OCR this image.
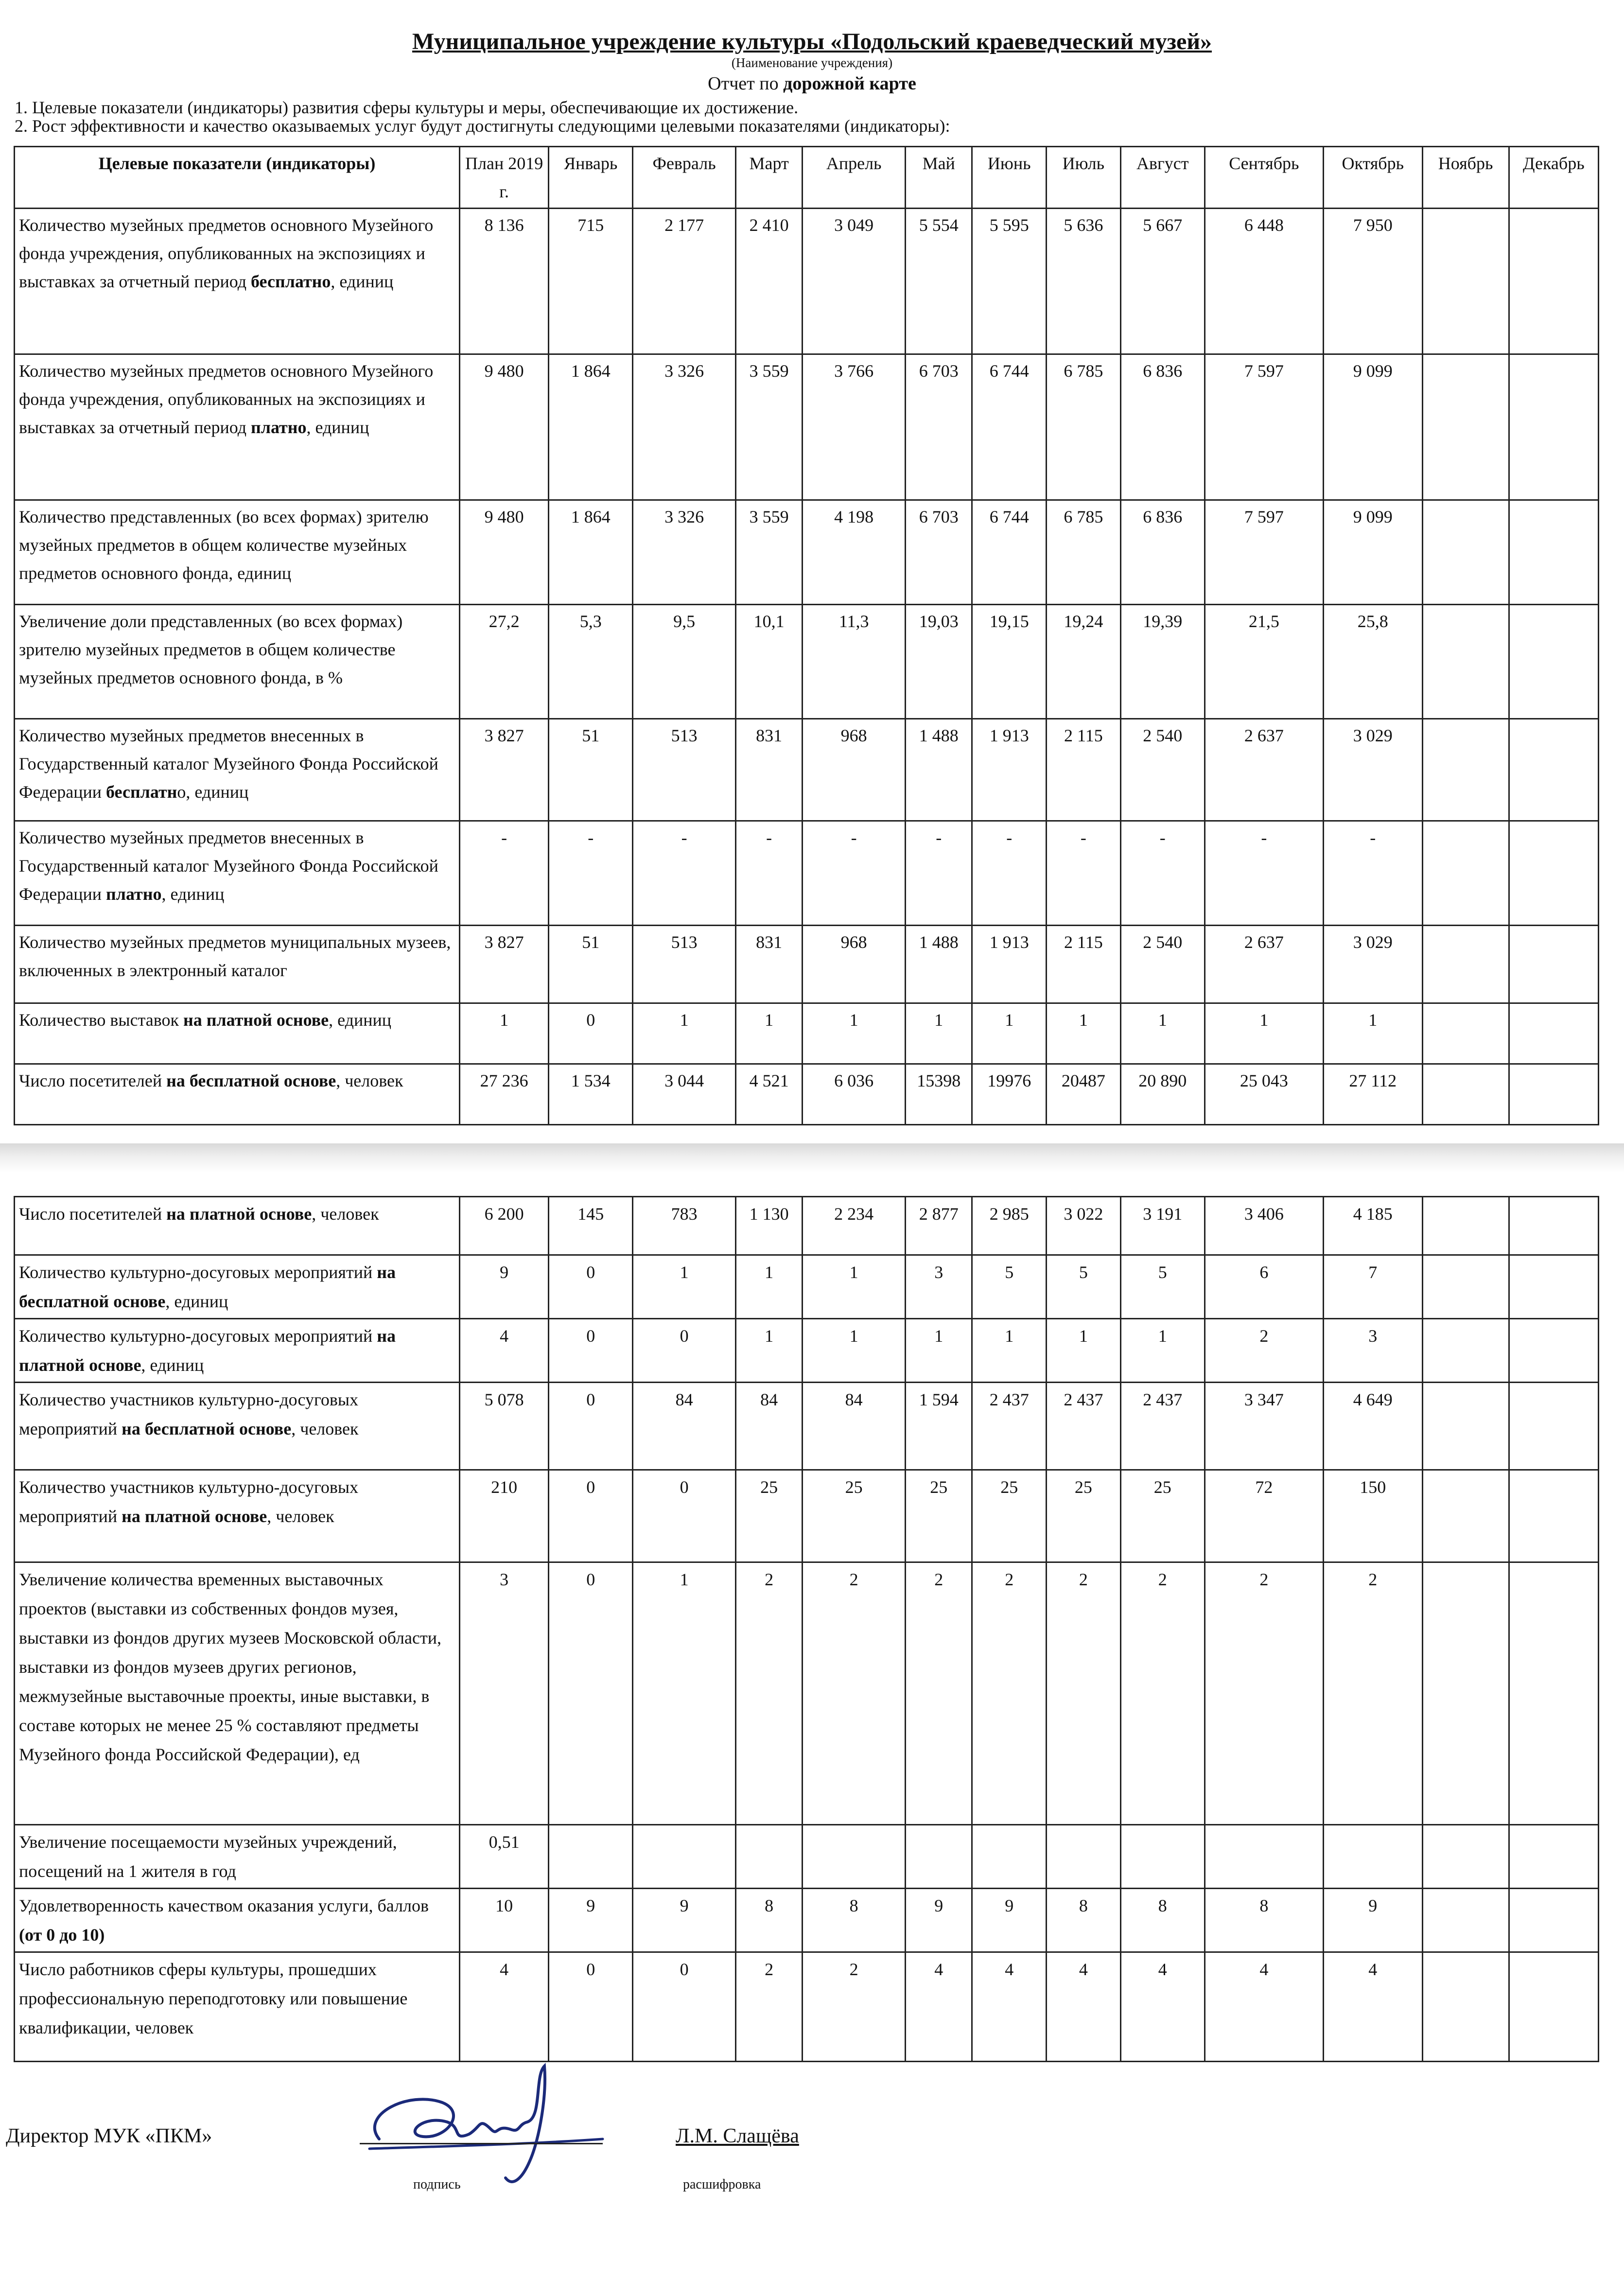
Муниципальное учреждение культуры «Подольский краеведческий музей»
(Наименование учреждения)
Отчет по дорожной карте
1. Целевые показатели (индикаторы) развития сферы культуры и меры, обеспечивающие их достижение.
2. Рост эффективности и качество оказываемых услуг будут достигнуты следующими целевыми показателями (индикаторы):
Целевые показатели (индикаторы)	План 2019 г.	Январь	Февраль	Март	Апрель	Май	Июнь	Июль	Август	Сентябрь	Октябрь	Ноябрь	Декабрь
Количество музейных предметов основного Музейного фонда учреждения, опубликованных на экспозициях и выставках за отчетный период бесплатно, единиц	8 136	715	2 177	2 410	3 049	5 554	5 595	5 636	5 667	6 448	7 950		
Количество музейных предметов основного Музейного фонда учреждения, опубликованных на экспозициях и выставках за отчетный период платно, единиц	9 480	1 864	3 326	3 559	3 766	6 703	6 744	6 785	6 836	7 597	9 099		
Количество представленных (во всех формах) зрителю музейных предметов в общем количестве музейных предметов основного фонда, единиц	9 480	1 864	3 326	3 559	4 198	6 703	6 744	6 785	6 836	7 597	9 099		
Увеличение доли представленных (во всех формах) зрителю музейных предметов в общем количестве музейных предметов основного фонда, в %	27,2	5,3	9,5	10,1	11,3	19,03	19,15	19,24	19,39	21,5	25,8		
Количество музейных предметов внесенных в Государственный каталог Музейного Фонда Российской Федерации бесплатно, единиц	3 827	51	513	831	968	1 488	1 913	2 115	2 540	2 637	3 029		
Количество музейных предметов внесенных в Государственный каталог Музейного Фонда Российской Федерации платно, единиц	-	-	-	-	-	-	-	-	-	-	-		
Количество музейных предметов муниципальных музеев, включенных в электронный каталог	3 827	51	513	831	968	1 488	1 913	2 115	2 540	2 637	3 029		
Количество выставок на платной основе, единиц	1	0	1	1	1	1	1	1	1	1	1		
Число посетителей на бесплатной основе, человек	27 236	1 534	3 044	4 521	6 036	15398	19976	20487	20 890	25 043	27 112		
Число посетителей на платной основе, человек	6 200	145	783	1 130	2 234	2 877	2 985	3 022	3 191	3 406	4 185		
Количество культурно-досуговых мероприятий на бесплатной основе, единиц	9	0	1	1	1	3	5	5	5	6	7		
Количество культурно-досуговых мероприятий на платной основе, единиц	4	0	0	1	1	1	1	1	1	2	3		
Количество участников культурно-досуговых мероприятий на бесплатной основе, человек	5 078	0	84	84	84	1 594	2 437	2 437	2 437	3 347	4 649		
Количество участников культурно-досуговых мероприятий на платной основе, человек	210	0	0	25	25	25	25	25	25	72	150		
Увеличение количества временных выставочных проектов (выставки из собственных фондов музея, выставки из фондов других музеев Московской области, выставки из фондов музеев других регионов, межмузейные выставочные проекты, иные выставки, в составе которых не менее 25 % составляют предметы Музейного фонда Российской Федерации), ед	3	0	1	2	2	2	2	2	2	2	2		
Увеличение посещаемости музейных учреждений, посещений на 1 жителя в год	0,51												
Удовлетворенность качеством оказания услуги, баллов (от 0 до 10)	10	9	9	8	8	9	9	8	8	8	9		
Число работников сферы культуры, прошедших профессиональную переподготовку или повышение квалификации, человек	4	0	0	2	2	4	4	4	4	4	4		
Директор МУК «ПКМ»
подпись
Л.М. Слащёва
расшифровка
